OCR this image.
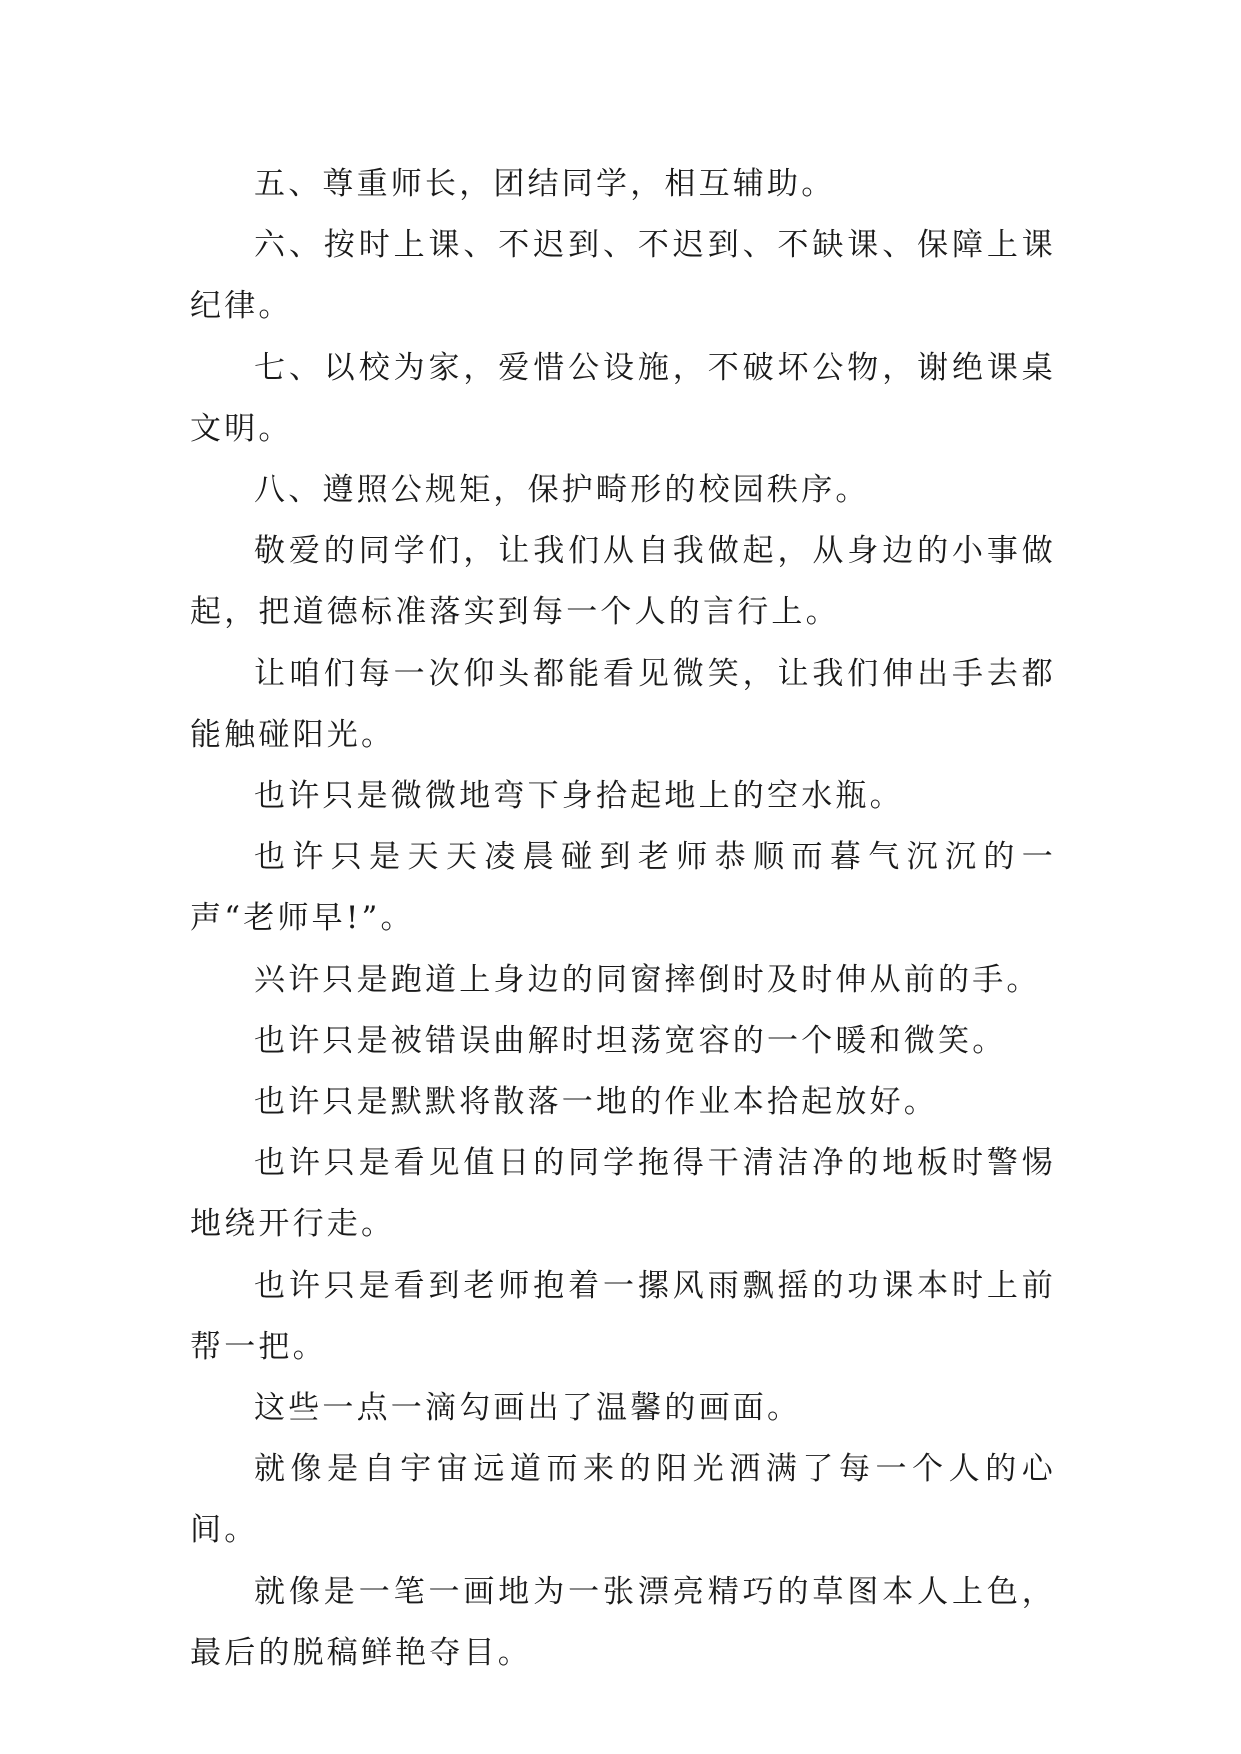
五、尊重师长，团结同学，相互辅助。

六、按时上课、不迟到、不迟到、不缺课、保障上课纪律。

七、以校为家，爱惜公设施，不破坏公物，谢绝课桌文明。

八、遵照公规矩，保护畸形的校园秩序。

敬爱的同学们，让我们从自我做起，从身边的小事做起，把道德标准落实到每一个人的言行上。

让咱们每一次仰头都能看见微笑，让我们伸出手去都能触碰阳光。

也许只是微微地弯下身拾起地上的空水瓶。

也许只是天天凌晨碰到老师恭顺而暮气沉沉的一声“老师早!”。

兴许只是跑道上身边的同窗摔倒时及时伸从前的手。

也许只是被错误曲解时坦荡宽容的一个暖和微笑。

也许只是默默将散落一地的作业本拾起放好。

也许只是看见值日的同学拖得干清洁净的地板时警惕地绕开行走。

也许只是看到老师抱着一摞风雨飘摇的功课本时上前帮一把。

这些一点一滴勾画出了温馨的画面。

就像是自宇宙远道而来的阳光洒满了每一个人的心间。

就像是一笔一画地为一张漂亮精巧的草图本人上色，最后的脱稿鲜艳夺目。
